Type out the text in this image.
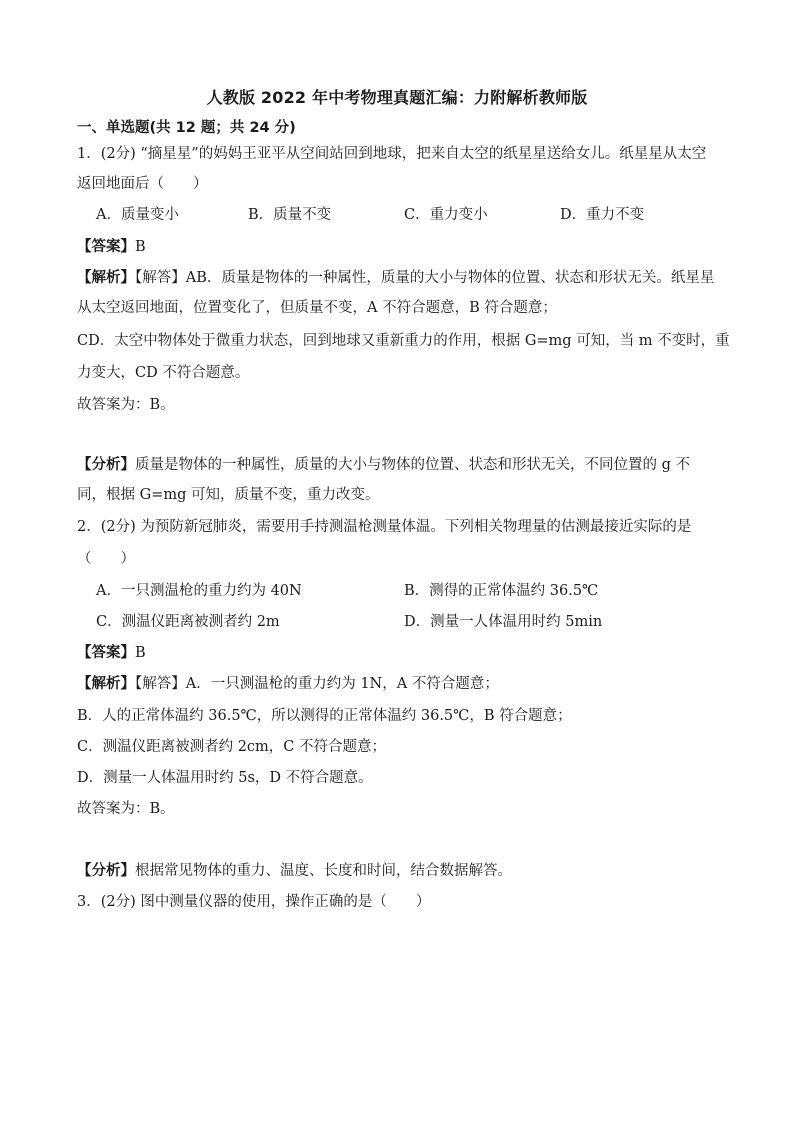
人教版 2022 年中考物理真题汇编：力附解析教师版
一、单选题(共 12 题；共 24 分)
1．(2分) “摘星星”的妈妈王亚平从空间站回到地球，把来自太空的纸星星送给女儿。纸星星从太空
返回地面后（　　）
A．质量变小	B．质量不变	C．重力变小	D．重力不变
【答案】B
【解析】【解答】AB．质量是物体的一种属性，质量的大小与物体的位置、状态和形状无关。纸星星
从太空返回地面，位置变化了，但质量不变，A 不符合题意，B 符合题意；
CD．太空中物体处于微重力状态，回到地球又重新重力的作用，根据 G=mg 可知，当 m 不变时，重
力变大，CD 不符合题意。
故答案为：B。
【分析】质量是物体的一种属性，质量的大小与物体的位置、状态和形状无关，不同位置的 g 不
同，根据 G=mg 可知，质量不变，重力改变。
2．(2分) 为预防新冠肺炎，需要用手持测温枪测量体温。下列相关物理量的估测最接近实际的是
（　　）
A．一只测温枪的重力约为 40N	B．测得的正常体温约 36.5℃
C．测温仪距离被测者约 2m	D．测量一人体温用时约 5min
【答案】B
【解析】【解答】A．一只测温枪的重力约为 1N，A 不符合题意；
B．人的正常体温约 36.5℃，所以测得的正常体温约 36.5℃，B 符合题意；
C．测温仪距离被测者约 2cm，C 不符合题意；
D．测量一人体温用时约 5s，D 不符合题意。
故答案为：B。
【分析】根据常见物体的重力、温度、长度和时间，结合数据解答。
3．(2分) 图中测量仪器的使用，操作正确的是（　　）
